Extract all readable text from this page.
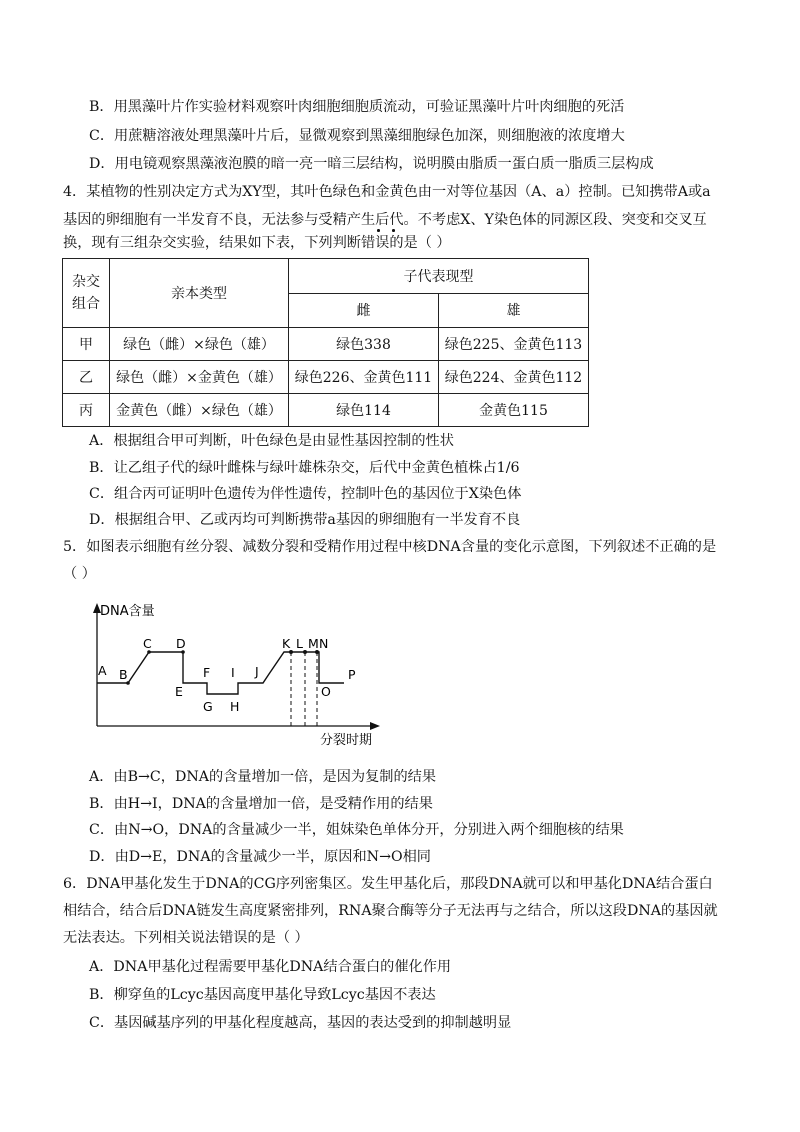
B．用黑藻叶片作实验材料观察叶肉细胞细胞质流动，可验证黑藻叶片叶肉细胞的死活
C．用蔗糖溶液处理黑藻叶片后，显微观察到黑藻细胞绿色加深，则细胞液的浓度增大
D．用电镜观察黑藻液泡膜的暗一亮一暗三层结构，说明膜由脂质一蛋白质一脂质三层构成
4．某植物的性别决定方式为XY型，其叶色绿色和金黄色由一对等位基因（A、a）控制。已知携带A或a
基因的卵细胞有一半发育不良，无法参与受精产生后代。不考虑X、Y染色体的同源区段、突变和交叉互
换，现有三组杂交实验，结果如下表，下列判断错误的是（ ）
杂交组合	亲本类型	子代表现型	
		雌	雄
甲	绿色（雌）×绿色（雄）	绿色338	绿色225、金黄色113
乙	绿色（雌）×金黄色（雄）	绿色226、金黄色111	绿色224、金黄色112
丙	金黄色（雌）×绿色（雄）	绿色114	金黄色115
A．根据组合甲可判断，叶色绿色是由显性基因控制的性状
B．让乙组子代的绿叶雌株与绿叶雄株杂交，后代中金黄色植株占1/6
C．组合丙可证明叶色遗传为伴性遗传，控制叶色的基因位于X染色体
D．根据组合甲、乙或丙均可判断携带a基因的卵细胞有一半发育不良
5．如图表示细胞有丝分裂、减数分裂和受精作用过程中核DNA含量的变化示意图，下列叙述不正确的是
（ ）
DNA含量
分裂时期
A B
C D
E
F
G
I
H
J
K L M N
O
P
A．由B→C，DNA的含量增加一倍，是因为复制的结果
B．由H→I，DNA的含量增加一倍，是受精作用的结果
C．由N→O，DNA的含量减少一半，姐妹染色单体分开，分别进入两个细胞核的结果
D．由D→E，DNA的含量减少一半，原因和N→O相同
6．DNA甲基化发生于DNA的CG序列密集区。发生甲基化后，那段DNA就可以和甲基化DNA结合蛋白
相结合，结合后DNA链发生高度紧密排列，RNA聚合酶等分子无法再与之结合，所以这段DNA的基因就
无法表达。下列相关说法错误的是（ ）
A．DNA甲基化过程需要甲基化DNA结合蛋白的催化作用
B．柳穿鱼的Lcyc基因高度甲基化导致Lcyc基因不表达
C．基因碱基序列的甲基化程度越高，基因的表达受到的抑制越明显
